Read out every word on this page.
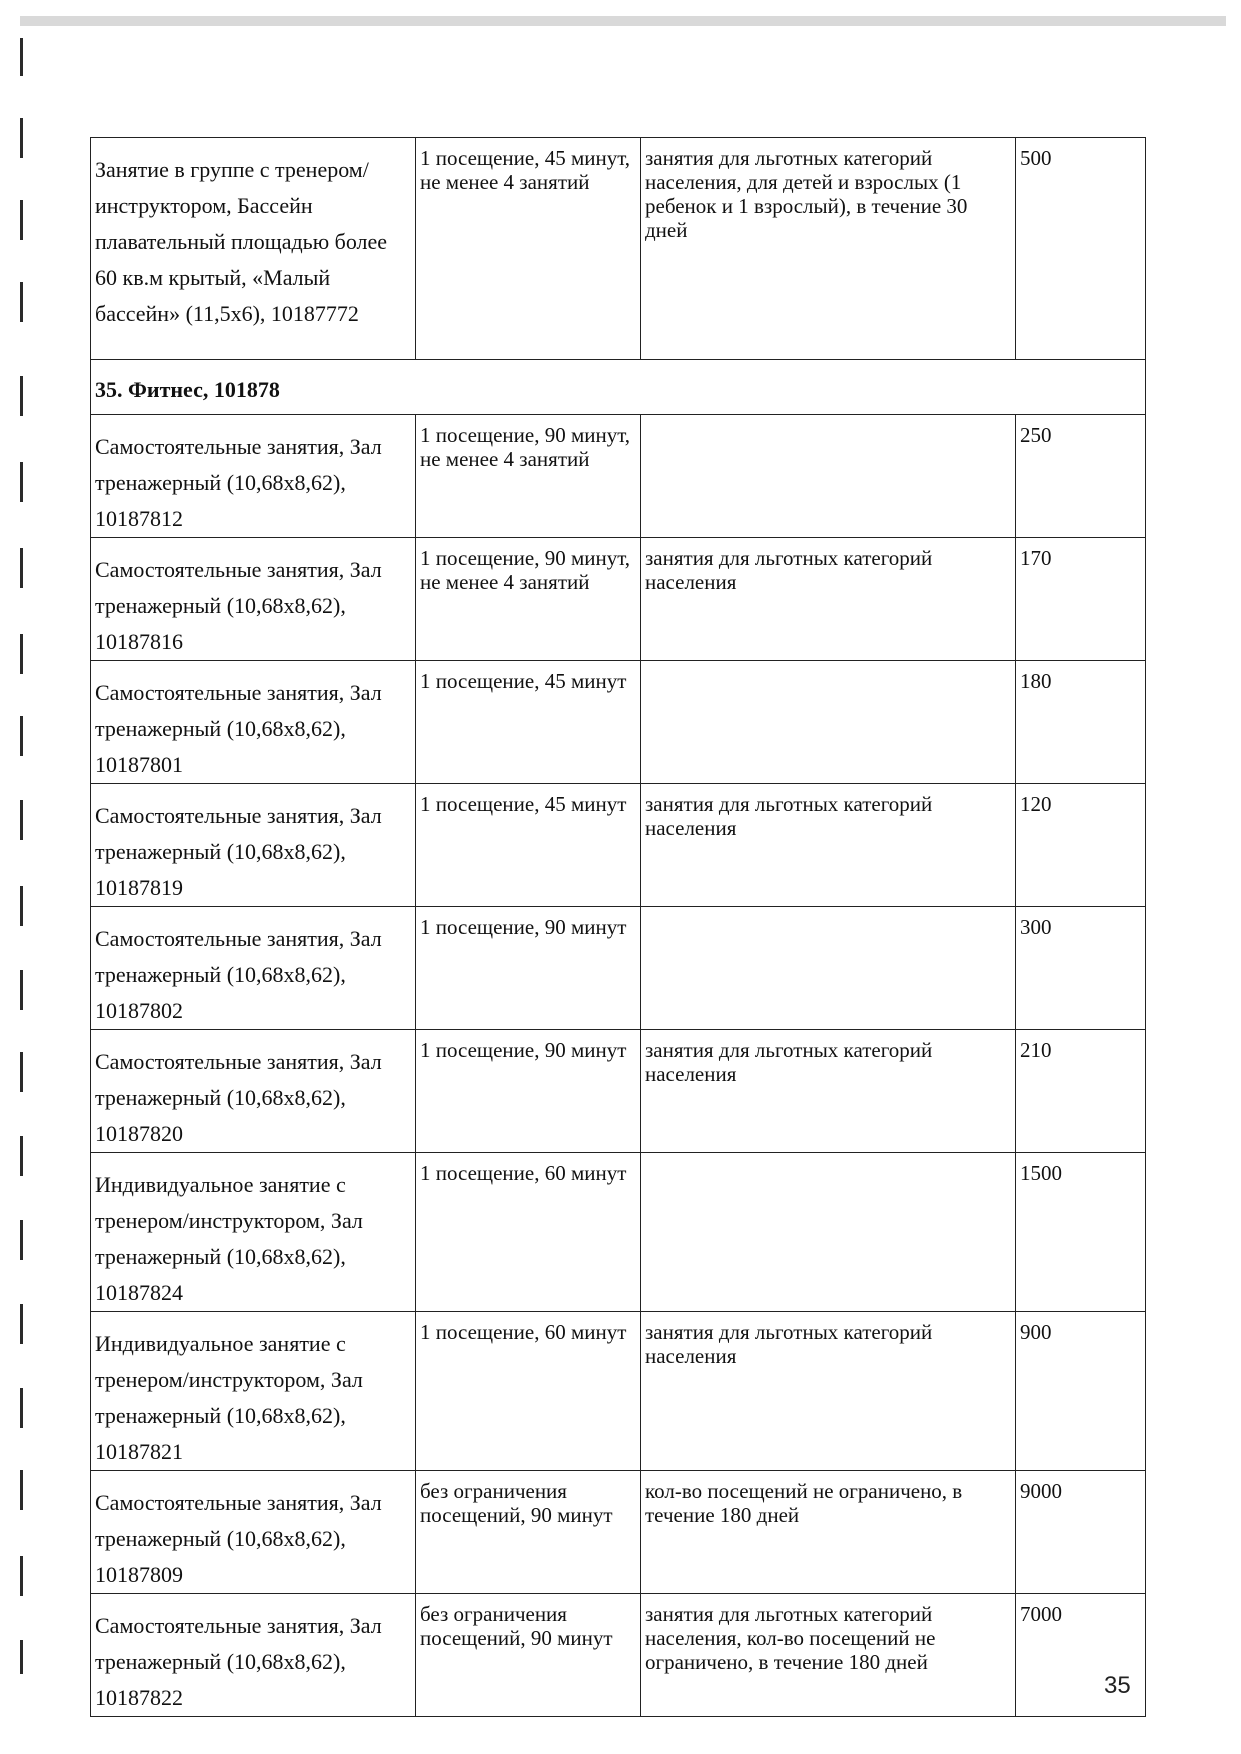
Занятие в группе с тренером/инструктором, Бассейн плавательный площадью более 60 кв.м крытый, «Малый бассейн» (11,5х6), 10187772	1 посещение, 45 минут, не менее 4 занятий	занятия для льготных категорий населения, для детей и взрослых (1 ребенок и 1 взрослый), в течение 30 дней	500
35. Фитнес, 101878			
Самостоятельные занятия, Зал тренажерный (10,68х8,62), 10187812	1 посещение, 90 минут, не менее 4 занятий		250
Самостоятельные занятия, Зал тренажерный (10,68х8,62), 10187816	1 посещение, 90 минут, не менее 4 занятий	занятия для льготных категорий населения	170
Самостоятельные занятия, Зал тренажерный (10,68х8,62), 10187801	1 посещение, 45 минут		180
Самостоятельные занятия, Зал тренажерный (10,68х8,62), 10187819	1 посещение, 45 минут	занятия для льготных категорий населения	120
Самостоятельные занятия, Зал тренажерный (10,68х8,62), 10187802	1 посещение, 90 минут		300
Самостоятельные занятия, Зал тренажерный (10,68х8,62), 10187820	1 посещение, 90 минут	занятия для льготных категорий населения	210
Индивидуальное занятие с тренером/инструктором, Зал тренажерный (10,68х8,62), 10187824	1 посещение, 60 минут		1500
Индивидуальное занятие с тренером/инструктором, Зал тренажерный (10,68х8,62), 10187821	1 посещение, 60 минут	занятия для льготных категорий населения	900
Самостоятельные занятия, Зал тренажерный (10,68х8,62), 10187809	без ограничения посещений, 90 минут	кол-во посещений не ограничено, в течение 180 дней	9000
Самостоятельные занятия, Зал тренажерный (10,68х8,62), 10187822	без ограничения посещений, 90 минут	занятия для льготных категорий населения, кол-во посещений не ограничено, в течение 180 дней	7000
35
